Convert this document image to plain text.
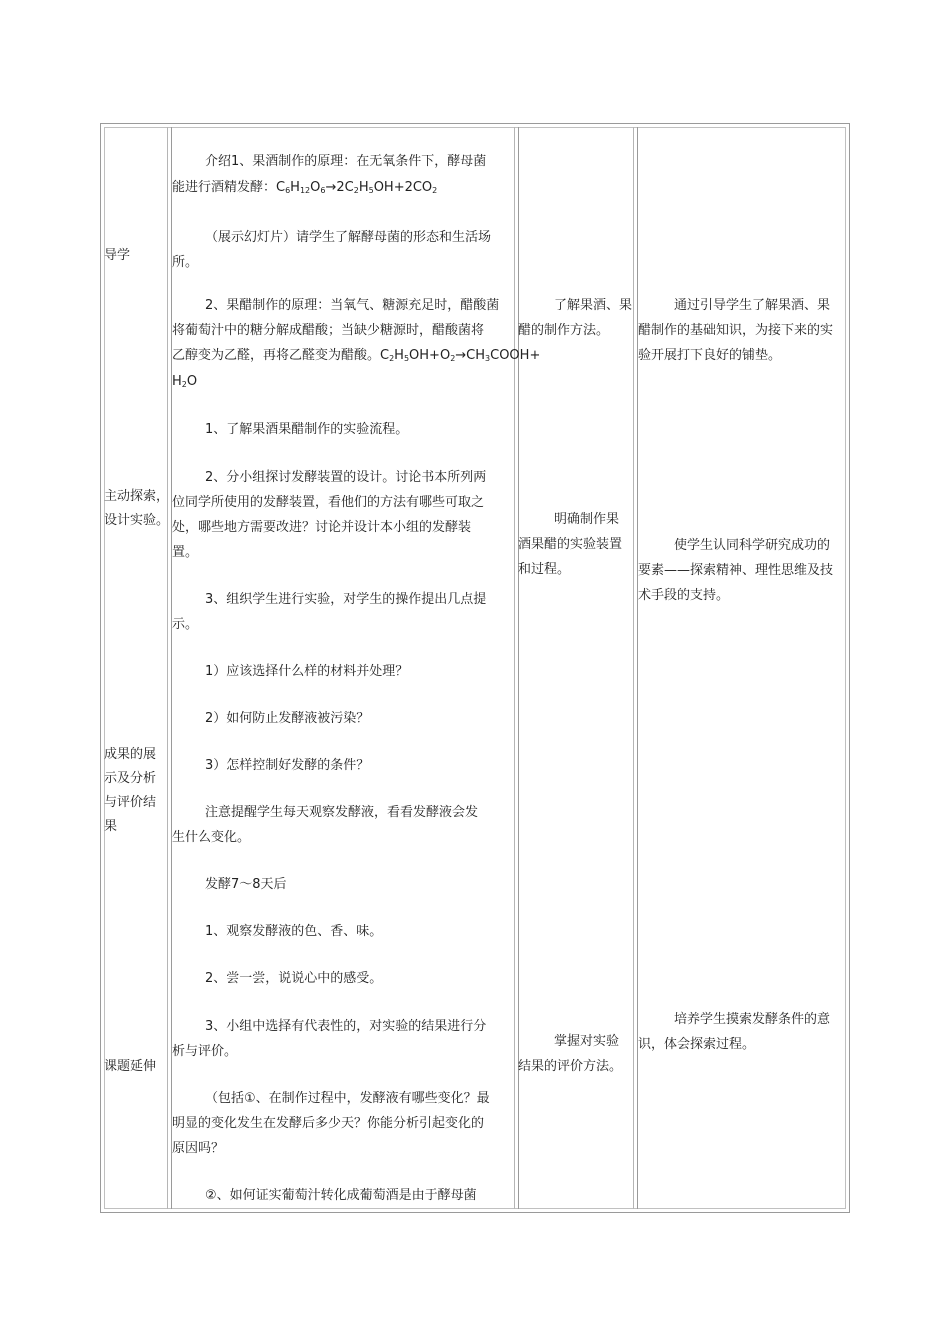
导学
主动探索，
设计实验。
成果的展
示及分析
与评价结
果
课题延伸
介绍1、果酒制作的原理：在无氧条件下，酵母菌
能进行酒精发酵：$C_6H_{12}O_6\to 2C_2H_5OH+2CO_2$
（展示幻灯片）请学生了解酵母菌的形态和生活场
所。
2、果醋制作的原理：当氧气、糖源充足时，醋酸菌
将葡萄汁中的糖分解成醋酸；当缺少糖源时，醋酸菌将
乙醇变为乙醛，再将乙醛变为醋酸。$C_2H_5OH+O_2\to CH_3COOH+$
$H_2O$
1、了解果酒果醋制作的实验流程。
2、分小组探讨发酵装置的设计。讨论书本所列两
位同学所使用的发酵装置，看他们的方法有哪些可取之
处，哪些地方需要改进？讨论并设计本小组的发酵装
置。
3、组织学生进行实验，对学生的操作提出几点提
示。
1）应该选择什么样的材料并处理？
2）如何防止发酵液被污染？
3）怎样控制好发酵的条件？
注意提醒学生每天观察发酵液，看看发酵液会发
生什么变化。
发酵7～8天后
1、观察发酵液的色、香、味。
2、尝一尝，说说心中的感受。
3、小组中选择有代表性的，对实验的结果进行分
析与评价。
（包括①、在制作过程中，发酵液有哪些变化？最
明显的变化发生在发酵后多少天？你能分析引起变化的
原因吗？
②、如何证实葡萄汁转化成葡萄酒是由于酵母菌
了解果酒、果
醋的制作方法。
明确制作果
酒果醋的实验装置
和过程。
掌握对实验
结果的评价方法。
通过引导学生了解果酒、果
醋制作的基础知识，为接下来的实
验开展打下良好的铺垫。
使学生认同科学研究成功的
要素——探索精神、理性思维及技
术手段的支持。
培养学生摸索发酵条件的意
识，体会探索过程。
